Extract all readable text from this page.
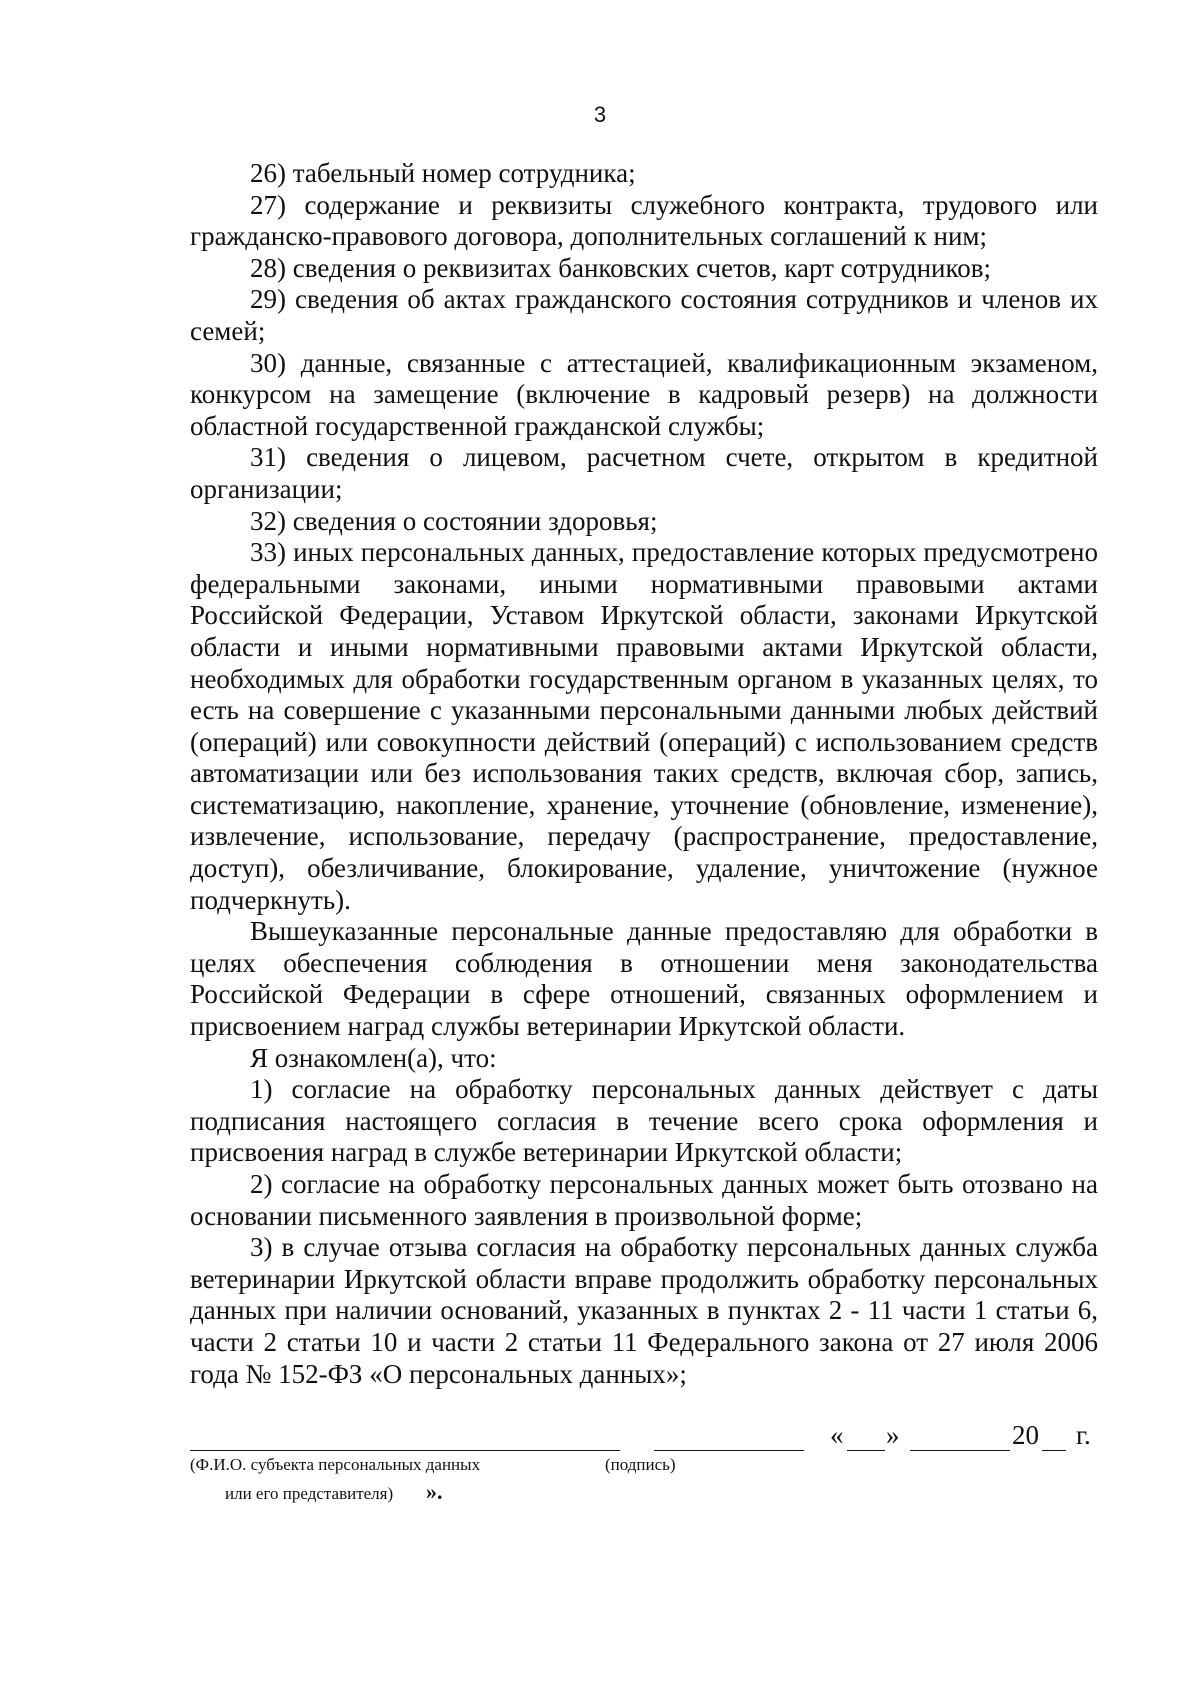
3

26) табельный номер сотрудника;

27) содержание и реквизиты служебного контракта, трудового или гражданско-правового договора, дополнительных соглашений к ним;

28) сведения о реквизитах банковских счетов, карт сотрудников;

29) сведения об актах гражданского состояния сотрудников и членов их семей;

30) данные, связанные с аттестацией, квалификационным экзаменом, конкурсом на замещение (включение в кадровый резерв) на должности областной государственной гражданской службы;

31) сведения о лицевом, расчетном счете, открытом в кредитной организации;

32) сведения о состоянии здоровья;

33) иных персональных данных, предоставление которых предусмотрено федеральными законами, иными нормативными правовыми актами Российской Федерации, Уставом Иркутской области, законами Иркутской области и иными нормативными правовыми актами Иркутской области, необходимых для обработки государственным органом в указанных целях, то есть на совершение с указанными персональными данными любых действий (операций) или совокупности действий (операций) с использованием средств автоматизации или без использования таких средств, включая сбор, запись, систематизацию, накопление, хранение, уточнение (обновление, изменение), извлечение, использование, передачу (распространение, предоставление, доступ), обезличивание, блокирование, удаление, уничтожение (нужное подчеркнуть).

Вышеуказанные персональные данные предоставляю для обработки в целях обеспечения соблюдения в отношении меня законодательства Российской Федерации в сфере отношений, связанных оформлением и присвоением наград службы ветеринарии Иркутской области.

Я ознакомлен(а), что:

1) согласие на обработку персональных данных действует с даты подписания настоящего согласия в течение всего срока оформления и присвоения наград в службе ветеринарии Иркутской области;

2) согласие на обработку персональных данных может быть отозвано на основании письменного заявления в произвольной форме;

3) в случае отзыва согласия на обработку персональных данных служба ветеринарии Иркутской области вправе продолжить обработку персональных данных при наличии оснований, указанных в пунктах 2 - 11 части 1 статьи 6, части 2 статьи 10 и части 2 статьи 11 Федерального закона от 27 июля 2006 года № 152-ФЗ «О персональных данных»;

« »	20 г.
(Ф.И.О. субъекта персональных данных	(подпись)
или его представителя) ».
